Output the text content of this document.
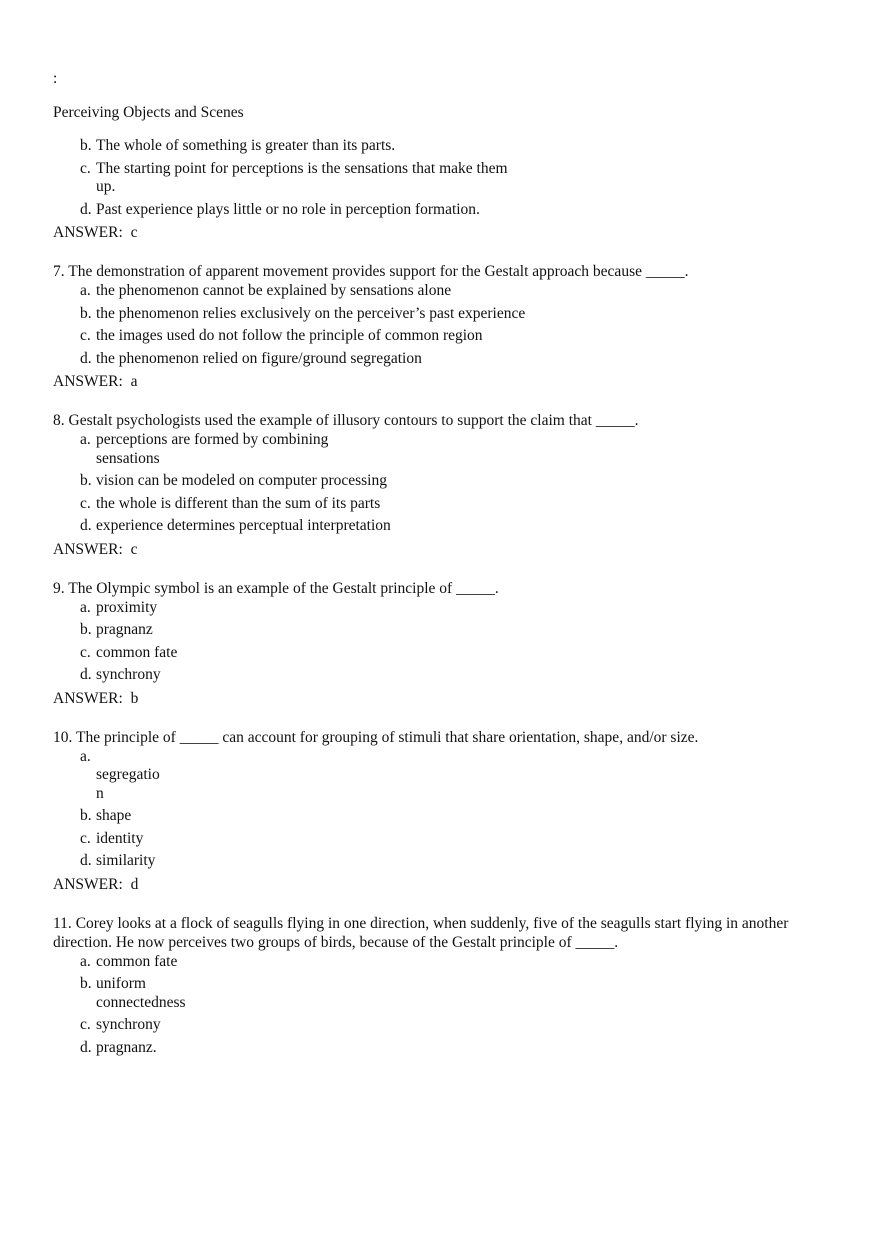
:
Perceiving Objects and Scenes
b. The whole of something is greater than its parts.
c. The starting point for perceptions is the sensations that make them up.
d. Past experience plays little or no role in perception formation.
ANSWER: c
7. The demonstration of apparent movement provides support for the Gestalt approach because _____.
a. the phenomenon cannot be explained by sensations alone
b. the phenomenon relies exclusively on the perceiver’s past experience
c. the images used do not follow the principle of common region
d. the phenomenon relied on figure/ground segregation
ANSWER: a
8. Gestalt psychologists used the example of illusory contours to support the claim that _____.
a. perceptions are formed by combining sensations
b. vision can be modeled on computer processing
c. the whole is different than the sum of its parts
d. experience determines perceptual interpretation
ANSWER: c
9. The Olympic symbol is an example of the Gestalt principle of _____.
a. proximity
b. pragnanz
c. common fate
d. synchrony
ANSWER: b
10. The principle of _____ can account for grouping of stimuli that share orientation, shape, and/or size.
a.
segregation
b. shape
c. identity
d. similarity
ANSWER: d
11. Corey looks at a flock of seagulls flying in one direction, when suddenly, five of the seagulls start flying in another direction. He now perceives two groups of birds, because of the Gestalt principle of _____.
a. common fate
b. uniform connectedness
c. synchrony
d. pragnanz.
